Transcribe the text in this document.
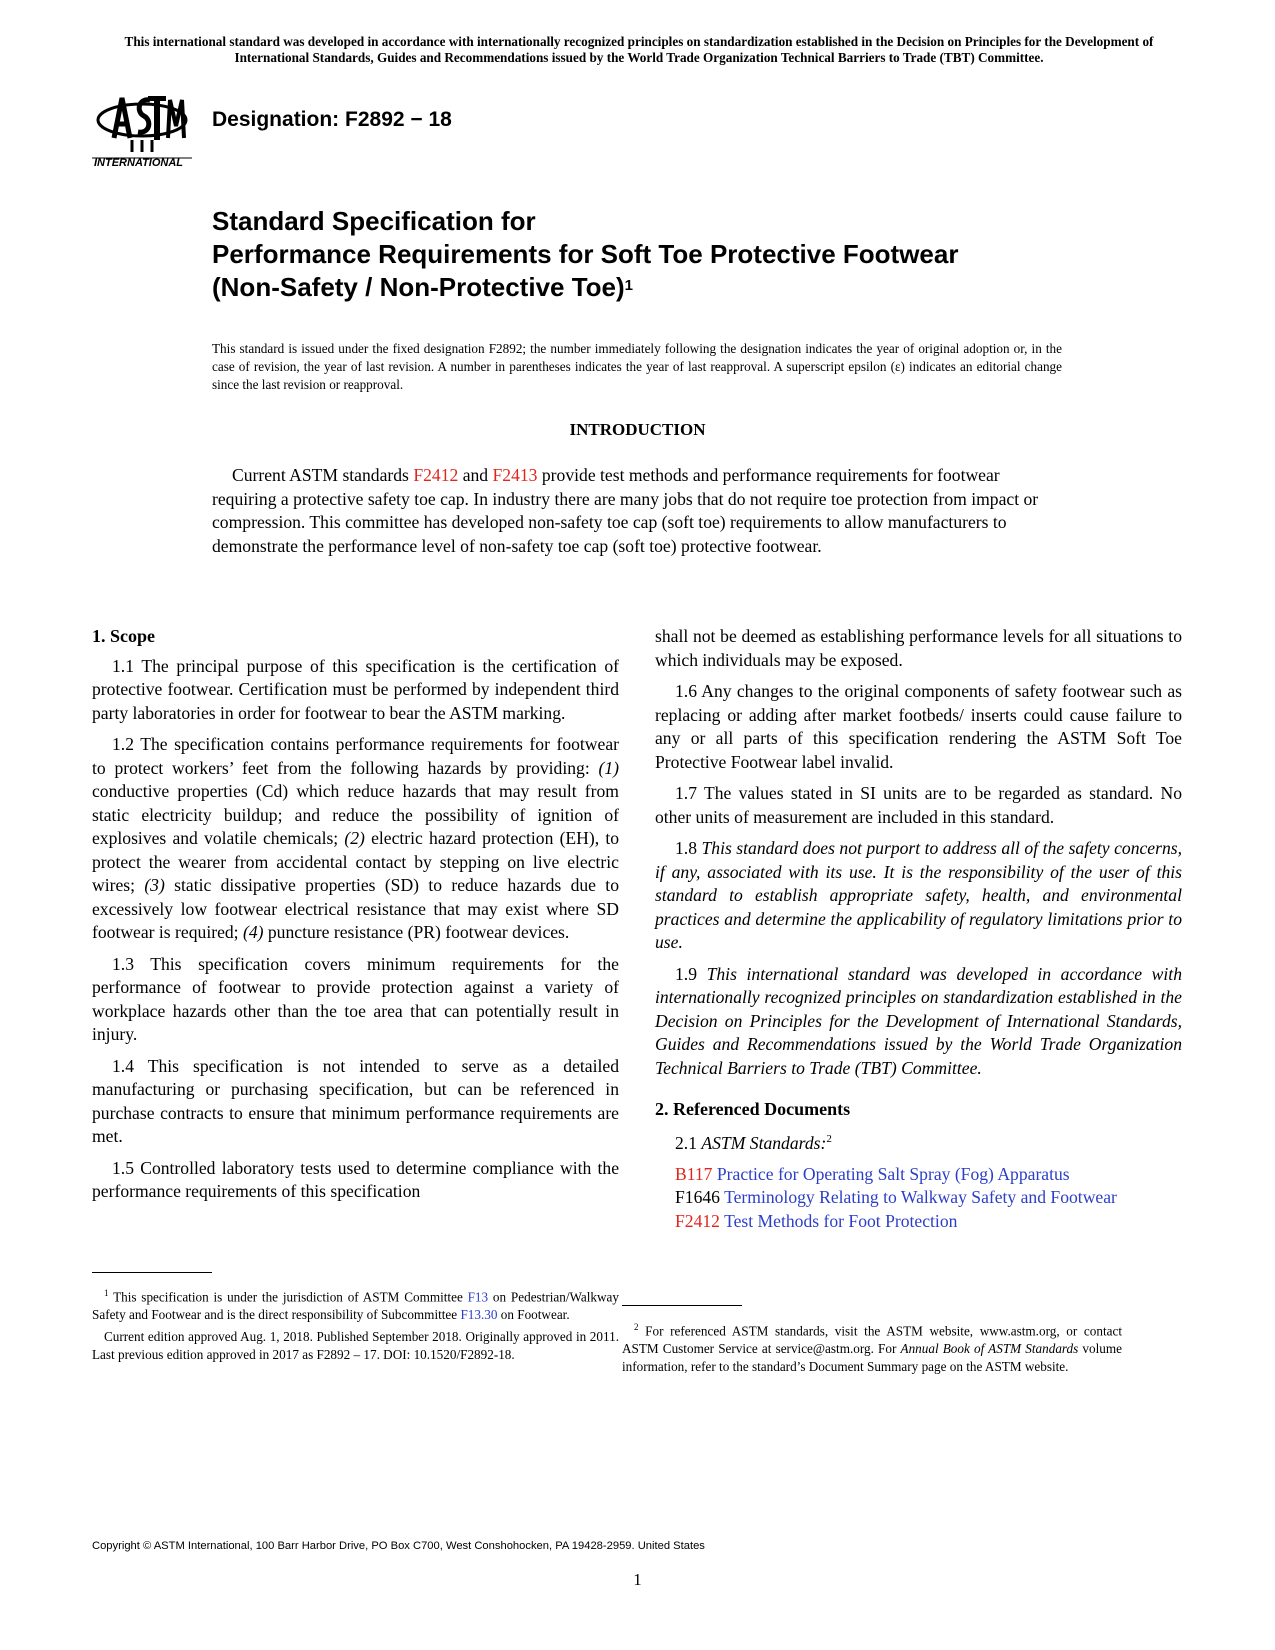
This international standard was developed in accordance with internationally recognized principles on standardization established in the Decision on Principles for the Development of International Standards, Guides and Recommendations issued by the World Trade Organization Technical Barriers to Trade (TBT) Committee.
INTERNATIONAL
Designation: F2892 − 18
Standard Specification for
Performance Requirements for Soft Toe Protective Footwear
(Non-Safety / Non-Protective Toe)$^1$
This standard is issued under the fixed designation F2892; the number immediately following the designation indicates the year of original adoption or, in the case of revision, the year of last revision. A number in parentheses indicates the year of last reapproval. A superscript epsilon (ε) indicates an editorial change since the last revision or reapproval.
INTRODUCTION

Current ASTM standards F2412 and F2413 provide test methods and performance requirements for footwear requiring a protective safety toe cap. In industry there are many jobs that do not require toe protection from impact or compression. This committee has developed non-safety toe cap (soft toe) requirements to allow manufacturers to demonstrate the performance level of non-safety toe cap (soft toe) protective footwear.

1. Scope

1.1 The principal purpose of this specification is the certification of protective footwear. Certification must be performed by independent third party laboratories in order for footwear to bear the ASTM marking.

1.2 The specification contains performance requirements for footwear to protect workers’ feet from the following hazards by providing: (1) conductive properties (Cd) which reduce hazards that may result from static electricity buildup; and reduce the possibility of ignition of explosives and volatile chemicals; (2) electric hazard protection (EH), to protect the wearer from accidental contact by stepping on live electric wires; (3) static dissipative properties (SD) to reduce hazards due to excessively low footwear electrical resistance that may exist where SD footwear is required; (4) puncture resistance (PR) footwear devices.

1.3 This specification covers minimum requirements for the performance of footwear to provide protection against a variety of workplace hazards other than the toe area that can potentially result in injury.

1.4 This specification is not intended to serve as a detailed manufacturing or purchasing specification, but can be referenced in purchase contracts to ensure that minimum performance requirements are met.

1.5 Controlled laboratory tests used to determine compliance with the performance requirements of this specification

$^1$ This specification is under the jurisdiction of ASTM Committee F13 on Pedestrian/Walkway Safety and Footwear and is the direct responsibility of Subcommittee F13.30 on Footwear.

Current edition approved Aug. 1, 2018. Published September 2018. Originally approved in 2011. Last previous edition approved in 2017 as F2892 – 17. DOI: 10.1520/F2892-18.

shall not be deemed as establishing performance levels for all situations to which individuals may be exposed.

1.6 Any changes to the original components of safety footwear such as replacing or adding after market footbeds/ inserts could cause failure to any or all parts of this specification rendering the ASTM Soft Toe Protective Footwear label invalid.

1.7 The values stated in SI units are to be regarded as standard. No other units of measurement are included in this standard.

1.8 This standard does not purport to address all of the safety concerns, if any, associated with its use. It is the responsibility of the user of this standard to establish appropriate safety, health, and environmental practices and determine the applicability of regulatory limitations prior to use.

1.9 This international standard was developed in accordance with internationally recognized principles on standardization established in the Decision on Principles for the Development of International Standards, Guides and Recommendations issued by the World Trade Organization Technical Barriers to Trade (TBT) Committee.

2. Referenced Documents

2.1 ASTM Standards:$^2$

B117 Practice for Operating Salt Spray (Fog) Apparatus
F1646 Terminology Relating to Walkway Safety and Footwear
F2412 Test Methods for Foot Protection

$^2$ For referenced ASTM standards, visit the ASTM website, www.astm.org, or contact ASTM Customer Service at service@astm.org. For Annual Book of ASTM Standards volume information, refer to the standard’s Document Summary page on the ASTM website.

Copyright © ASTM International, 100 Barr Harbor Drive, PO Box C700, West Conshohocken, PA 19428-2959. United States
1
